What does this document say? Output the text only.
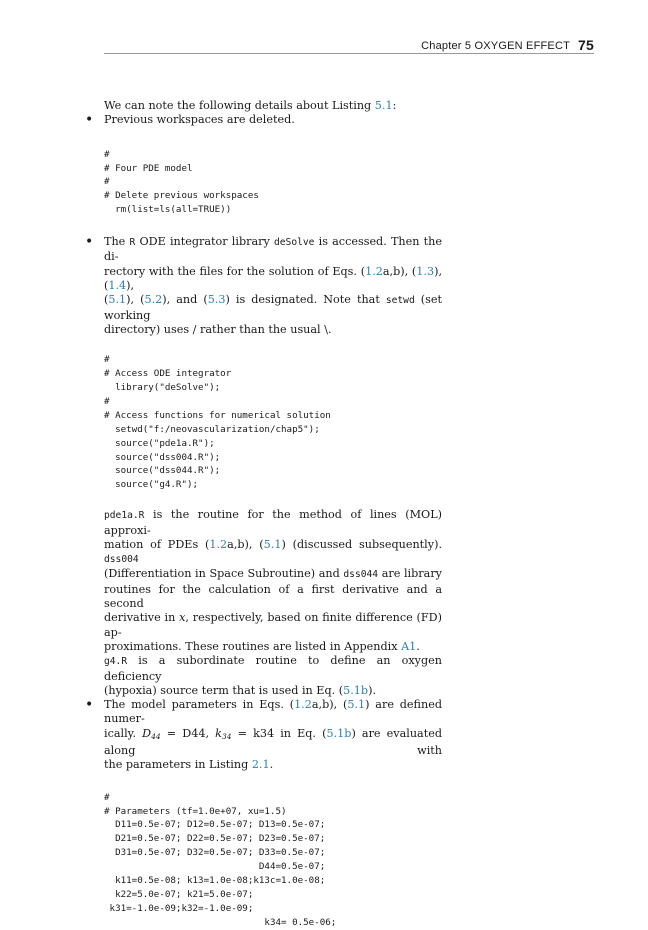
Chapter 5 OXYGEN EFFECT 75

We can note the following details about Listing 5.1:

• Previous workspaces are deleted.

#
# Four PDE model
#
# Delete previous workspaces
rm(list=ls(all=TRUE))
• The R ODE integrator library deSolve is accessed. Then the di-
rectory with the files for the solution of Eqs. (1.2a,b), (1.3), (1.4),
(5.1), (5.2), and (5.3) is designated. Note that setwd (set working
directory) uses / rather than the usual \.
#
# Access ODE integrator
library("deSolve");
#
# Access functions for numerical solution
setwd("f:/neovascularization/chap5");
source("pde1a.R");
source("dss004.R");
source("dss044.R");
source("g4.R");
pde1a.R is the routine for the method of lines (MOL) approxi-
mation of PDEs (1.2a,b), (5.1) (discussed subsequently). dss004
(Differentiation in Space Subroutine) and dss044 are library
routines for the calculation of a first derivative and a second
derivative in x, respectively, based on finite difference (FD) ap-
proximations. These routines are listed in Appendix A1.
g4.R is a subordinate routine to define an oxygen deficiency
(hypoxia) source term that is used in Eq. (5.1b).
• The model parameters in Eqs. (1.2a,b), (5.1) are defined numer-
ically. $D_{44} = D44$, $k_{34} = k34$ in Eq. (5.1b) are evaluated along with
the parameters in Listing 2.1.
#
# Parameters (tf=1.0e+07, xu=1.5)
D11=0.5e-07; D12=0.5e-07; D13=0.5e-07;
D21=0.5e-07; D22=0.5e-07; D23=0.5e-07;
D31=0.5e-07; D32=0.5e-07; D33=0.5e-07;
D44=0.5e-07;
k11=0.5e-08; k13=1.0e-08;k13c=1.0e-08;
k22=5.0e-07; k21=5.0e-07;
k31=-1.0e-09;k32=-1.0e-09;
k34= 0.5e-06;
